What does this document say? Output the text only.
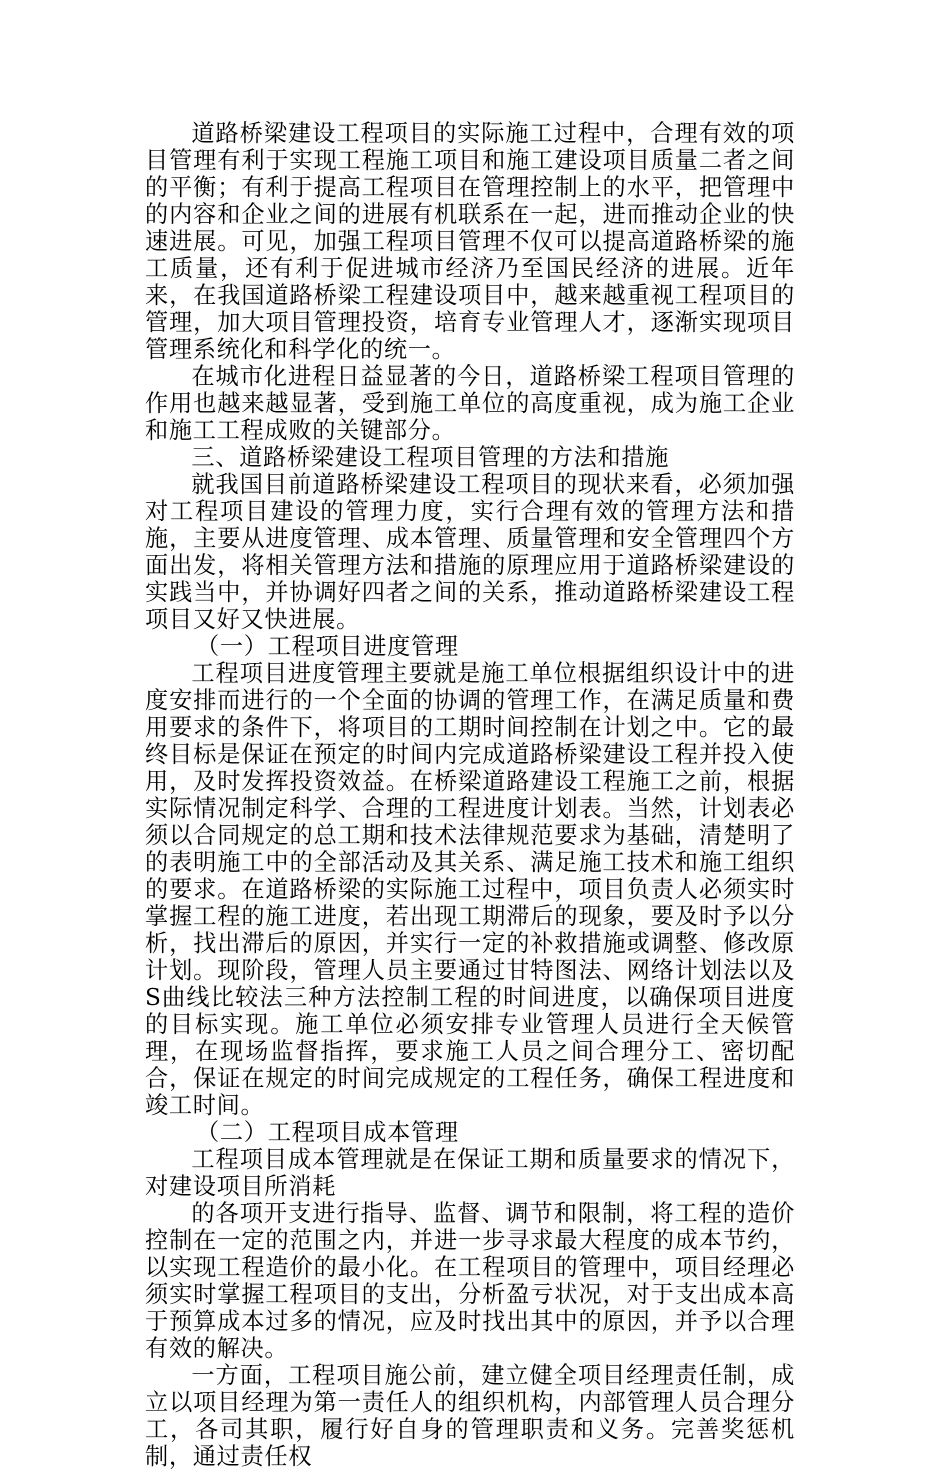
道路桥梁建设工程项目的实际施工过程中，合理有效的项目管理有利于实现工程施工项目和施工建设项目质量二者之间的平衡；有利于提高工程项目在管理控制上的水平，把管理中的内容和企业之间的进展有机联系在一起，进而推动企业的快速进展。可见，加强工程项目管理不仅可以提高道路桥梁的施工质量，还有利于促进城市经济乃至国民经济的进展。近年来，在我国道路桥梁工程建设项目中，越来越重视工程项目的管理，加大项目管理投资，培育专业管理人才，逐渐实现项目管理系统化和科学化的统一。

在城市化进程日益显著的今日，道路桥梁工程项目管理的作用也越来越显著，受到施工单位的高度重视，成为施工企业和施工工程成败的关键部分。

三、道路桥梁建设工程项目管理的方法和措施

就我国目前道路桥梁建设工程项目的现状来看，必须加强对工程项目建设的管理力度，实行合理有效的管理方法和措施，主要从进度管理、成本管理、质量管理和安全管理四个方面出发，将相关管理方法和措施的原理应用于道路桥梁建设的实践当中，并协调好四者之间的关系，推动道路桥梁建设工程项目又好又快进展。

（一）工程项目进度管理

工程项目进度管理主要就是施工单位根据组织设计中的进度安排而进行的一个全面的协调的管理工作，在满足质量和费用要求的条件下，将项目的工期时间控制在计划之中。它的最终目标是保证在预定的时间内完成道路桥梁建设工程并投入使用，及时发挥投资效益。在桥梁道路建设工程施工之前，根据实际情况制定科学、合理的工程进度计划表。当然，计划表必须以合同规定的总工期和技术法律规范要求为基础，清楚明了的表明施工中的全部活动及其关系、满足施工技术和施工组织的要求。在道路桥梁的实际施工过程中，项目负责人必须实时掌握工程的施工进度，若出现工期滞后的现象，要及时予以分析，找出滞后的原因，并实行一定的补救措施或调整、修改原计划。现阶段，管理人员主要通过甘特图法、网络计划法以及S曲线比较法三种方法控制工程的时间进度，以确保项目进度的目标实现。施工单位必须安排专业管理人员进行全天候管理，在现场监督指挥，要求施工人员之间合理分工、密切配合，保证在规定的时间完成规定的工程任务，确保工程进度和竣工时间。

（二）工程项目成本管理

工程项目成本管理就是在保证工期和质量要求的情况下，对建设项目所消耗

的各项开支进行指导、监督、调节和限制，将工程的造价控制在一定的范围之内，并进一步寻求最大程度的成本节约，以实现工程造价的最小化。在工程项目的管理中，项目经理必须实时掌握工程项目的支出，分析盈亏状况，对于支出成本高于预算成本过多的情况，应及时找出其中的原因，并予以合理有效的解决。

一方面，工程项目施公前，建立健全项目经理责任制，成立以项目经理为第一责任人的组织机构，内部管理人员合理分工，各司其职，履行好自身的管理职责和义务。完善奖惩机制，通过责任权
